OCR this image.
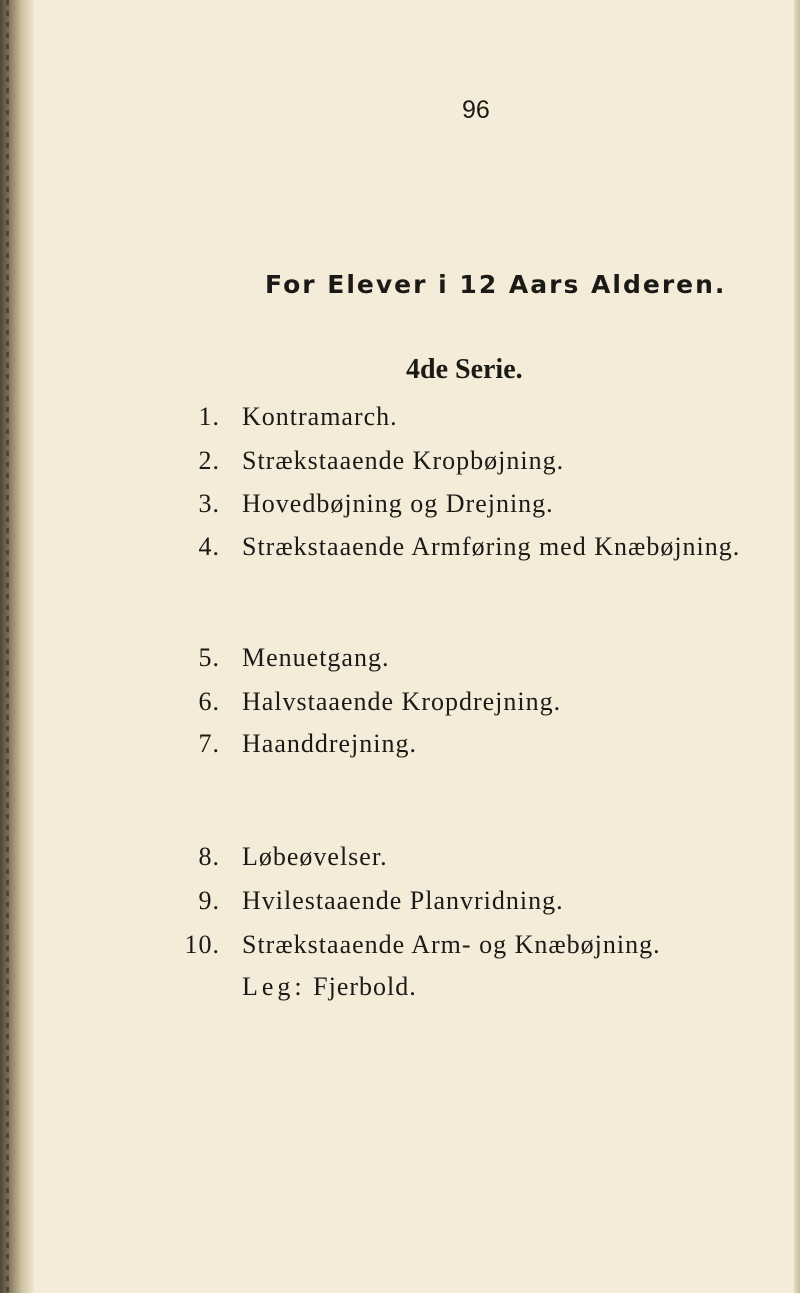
96
For Elever i 12 Aars Alderen.
4de Serie.
1. Kontramarch.
2. Strækstaaende Kropbøjning.
3. Hovedbøjning og Drejning.
4. Strækstaaende Armføring med Knæbøjning.
5. Menuetgang.
6. Halvstaaende Kropdrejning.
7. Haanddrejning.
8. Løbeøvelser.
9. Hvilestaaende Planvridning.
10. Strækstaaende Arm- og Knæbøjning.
Leg: Fjerbold.
